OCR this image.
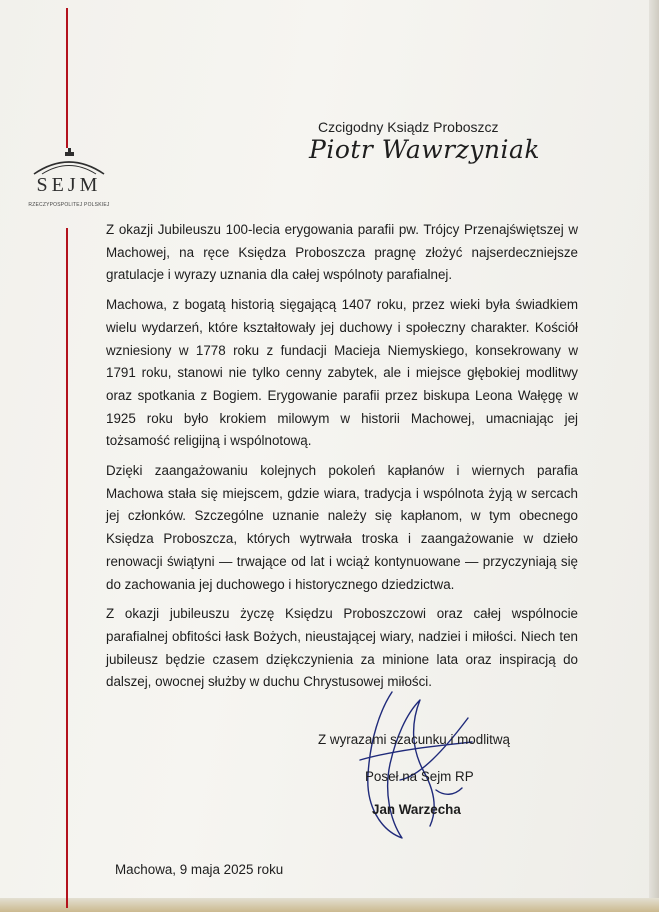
SEJM
RZECZYPOSPOLITEJ POLSKIEJ
Czcigodny Ksiądz Proboszcz
Piotr Wawrzyniak

Z okazji Jubileuszu 100-lecia erygowania parafii pw. Trójcy Przenajświętszej w Machowej, na ręce Księdza Proboszcza pragnę złożyć najserdeczniejsze gratulacje i wyrazy uznania dla całej wspólnoty parafialnej.

Machowa, z bogatą historią sięgającą 1407 roku, przez wieki była świadkiem wielu wydarzeń, które kształtowały jej duchowy i społeczny charakter. Kościół wzniesiony w 1778 roku z fundacji Macieja Niemyskiego, konsekrowany w 1791 roku, stanowi nie tylko cenny zabytek, ale i miejsce głębokiej modlitwy oraz spotkania z Bogiem. Erygowanie parafii przez biskupa Leona Wałęgę w 1925 roku było krokiem milowym w historii Machowej, umacniając jej tożsamość religijną i wspólnotową.

Dzięki zaangażowaniu kolejnych pokoleń kapłanów i wiernych parafia Machowa stała się miejscem, gdzie wiara, tradycja i wspólnota żyją w sercach jej członków. Szczególne uznanie należy się kapłanom, w tym obecnego Księdza Proboszcza, których wytrwała troska i zaangażowanie w dzieło renowacji świątyni — trwające od lat i wciąż kontynuowane — przyczyniają się do zachowania jej duchowego i historycznego dziedzictwa.

Z okazji jubileuszu życzę Księdzu Proboszczowi oraz całej wspólnocie parafialnej obfitości łask Bożych, nieustającej wiary, nadziei i miłości. Niech ten jubileusz będzie czasem dziękczynienia za minione lata oraz inspiracją do dalszej, owocnej służby w duchu Chrystusowej miłości.

Z wyrazami szacunku i modlitwą
Poseł na Sejm RP
Jan Warzecha
Machowa, 9 maja 2025 roku
